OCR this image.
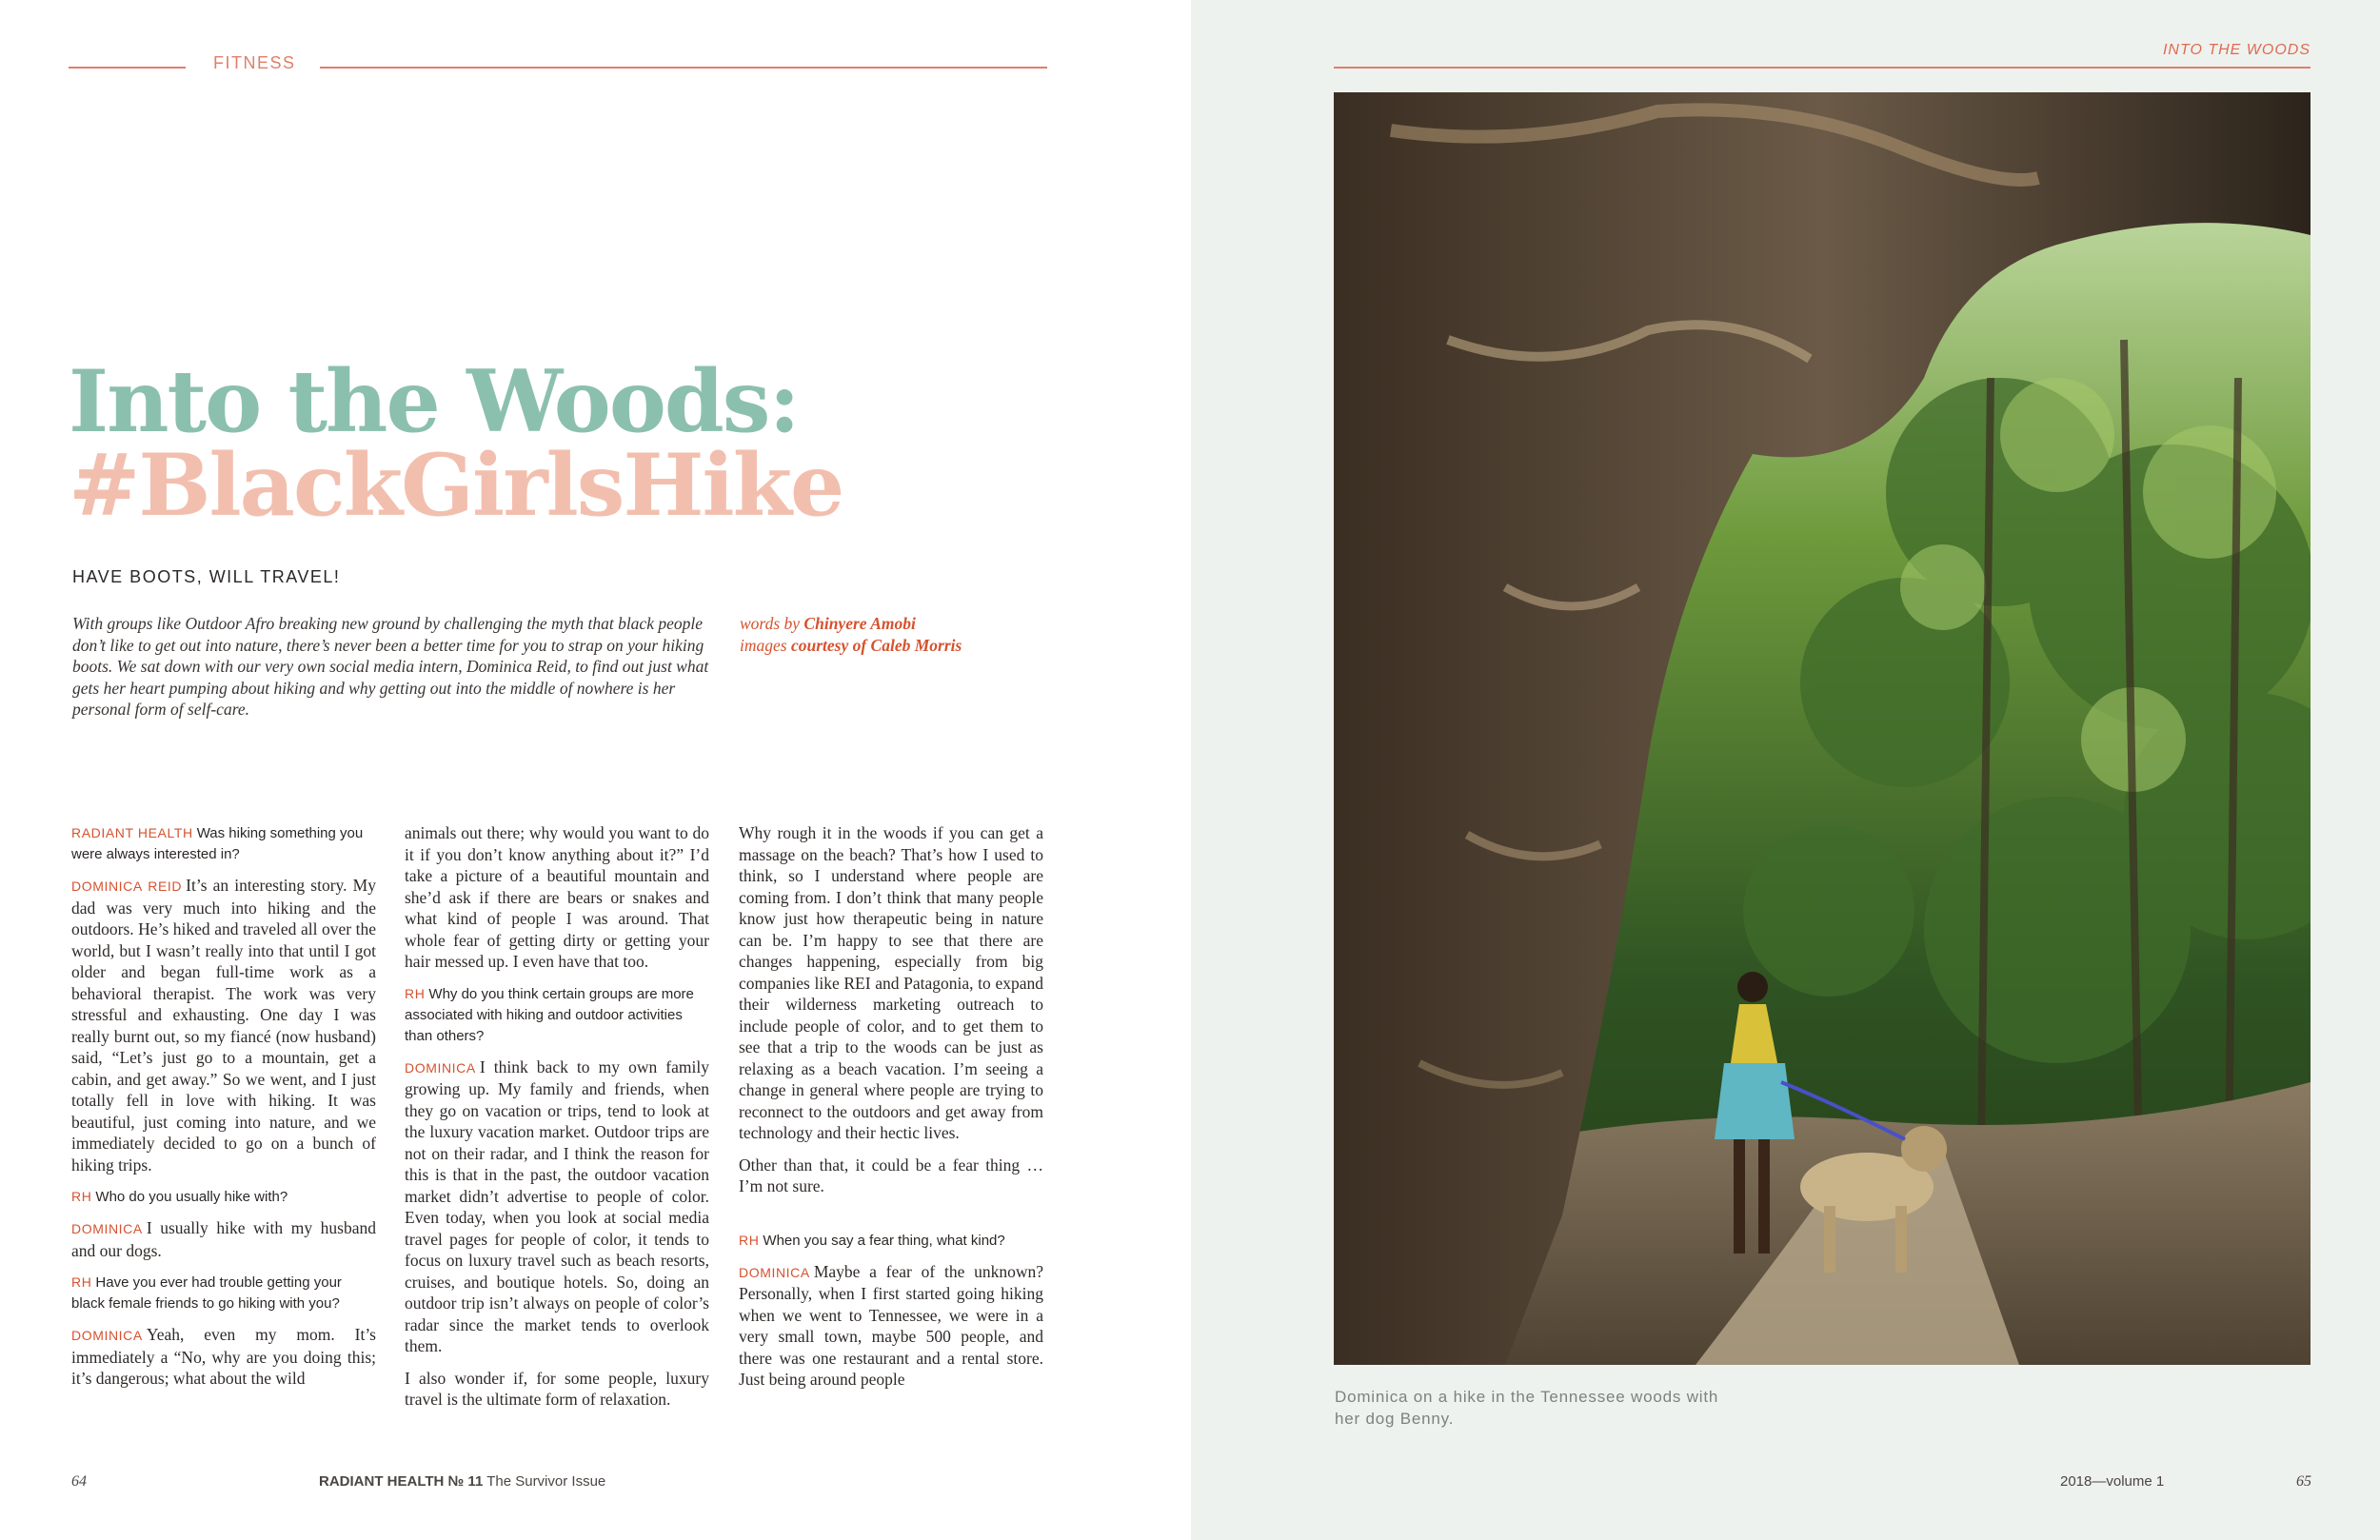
FITNESS
Into the Woods:
#BlackGirlsHike
HAVE BOOTS, WILL TRAVEL!

With groups like Outdoor Afro breaking new ground by challenging the myth that black people don’t like to get out into nature, there’s never been a better time for you to strap on your hiking boots. We sat down with our very own social media intern, Dominica Reid, to find out just what gets her heart pumping about hiking and why getting out into the middle of nowhere is her personal form of self-care.

words by Chinyere Amobi
images courtesy of Caleb Morris

RADIANT HEALTH Was hiking something you were always interested in?

DOMINICA REID It’s an interesting story. My dad was very much into hiking and the outdoors. He’s hiked and traveled all over the world, but I wasn’t really into that until I got older and began full-time work as a behavioral therapist. The work was very stressful and exhausting. One day I was really burnt out, so my fiancé (now husband) said, “Let’s just go to a mountain, get a cabin, and get away.” So we went, and I just totally fell in love with hiking. It was beautiful, just coming into nature, and we immediately decided to go on a bunch of hiking trips.

RH Who do you usually hike with?

DOMINICA I usually hike with my husband and our dogs.

RH Have you ever had trouble getting your black female friends to go hiking with you?

DOMINICA Yeah, even my mom. It’s immediately a “No, why are you doing this; it’s dangerous; what about the wild

animals out there; why would you want to do it if you don’t know anything about it?” I’d take a picture of a beautiful mountain and she’d ask if there are bears or snakes and what kind of people I was around. That whole fear of getting dirty or getting your hair messed up. I even have that too.

RH Why do you think certain groups are more associated with hiking and outdoor activities than others?

DOMINICA I think back to my own family growing up. My family and friends, when they go on vacation or trips, tend to look at the luxury vacation market. Outdoor trips are not on their radar, and I think the reason for this is that in the past, the outdoor vacation market didn’t advertise to people of color. Even today, when you look at social media travel pages for people of color, it tends to focus on luxury travel such as beach resorts, cruises, and boutique hotels. So, doing an outdoor trip isn’t always on people of color’s radar since the market tends to overlook them.

I also wonder if, for some people, luxury travel is the ultimate form of relaxation.

Why rough it in the woods if you can get a massage on the beach? That’s how I used to think, so I understand where people are coming from. I don’t think that many people know just how therapeutic being in nature can be. I’m happy to see that there are changes happening, especially from big companies like REI and Patagonia, to expand their wilderness marketing outreach to include people of color, and to get them to see that a trip to the woods can be just as relaxing as a beach vacation. I’m seeing a change in general where people are trying to reconnect to the outdoors and get away from technology and their hectic lives.

Other than that, it could be a fear thing … I’m not sure.

RH When you say a fear thing, what kind?

DOMINICA Maybe a fear of the unknown? Personally, when I first started going hiking when we went to Tennessee, we were in a very small town, maybe 500 people, and there was one restaurant and a rental store. Just being around people

64	RADIANT HEALTH № 11 The Survivor Issue
INTO THE WOODS
2018—volume 1	65

Dominica on a hike in the Tennessee woods with her dog Benny.
